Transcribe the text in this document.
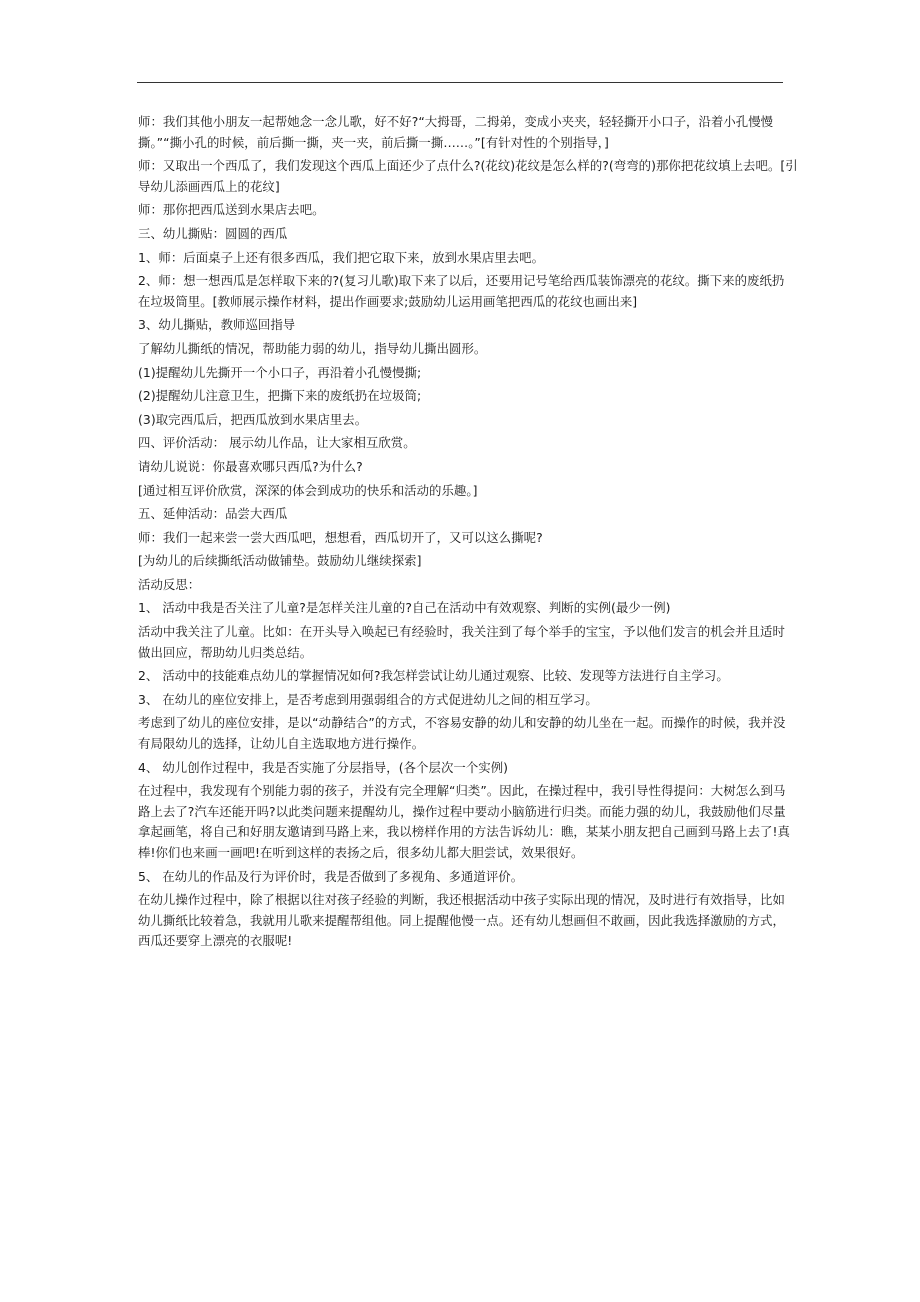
师：我们其他小朋友一起帮她念一念儿歌，好不好?“大拇哥，二拇弟，变成小夹夹，轻轻撕开小口子，沿着小孔慢慢
撕。”“撕小孔的时候，前后撕一撕，夹一夹，前后撕一撕……。”[有针对性的个别指导，]
师：又取出一个西瓜了，我们发现这个西瓜上面还少了点什么?(花纹)花纹是怎么样的?(弯弯的)那你把花纹填上去吧。[引
导幼儿添画西瓜上的花纹]
师：那你把西瓜送到水果店去吧。
三、幼儿撕贴：圆圆的西瓜
1、师：后面桌子上还有很多西瓜，我们把它取下来，放到水果店里去吧。
2、师：想一想西瓜是怎样取下来的?(复习儿歌)取下来了以后，还要用记号笔给西瓜装饰漂亮的花纹。撕下来的废纸扔
在垃圾筒里。[教师展示操作材料，提出作画要求;鼓励幼儿运用画笔把西瓜的花纹也画出来]
3、幼儿撕贴，教师巡回指导
了解幼儿撕纸的情况，帮助能力弱的幼儿，指导幼儿撕出圆形。
(1)提醒幼儿先撕开一个小口子，再沿着小孔慢慢撕;
(2)提醒幼儿注意卫生，把撕下来的废纸扔在垃圾筒;
(3)取完西瓜后，把西瓜放到水果店里去。
四、评价活动： 展示幼儿作品，让大家相互欣赏。
请幼儿说说：你最喜欢哪只西瓜?为什么?
[通过相互评价欣赏，深深的体会到成功的快乐和活动的乐趣。]
五、延伸活动：品尝大西瓜
师：我们一起来尝一尝大西瓜吧，想想看，西瓜切开了，又可以这么撕呢?
[为幼儿的后续撕纸活动做铺垫。鼓励幼儿继续探索]
活动反思：
1、 活动中我是否关注了儿童?是怎样关注儿童的?自己在活动中有效观察、判断的实例(最少一例)
活动中我关注了儿童。比如：在开头导入唤起已有经验时，我关注到了每个举手的宝宝，予以他们发言的机会并且适时
做出回应，帮助幼儿归类总结。
2、 活动中的技能难点幼儿的掌握情况如何?我怎样尝试让幼儿通过观察、比较、发现等方法进行自主学习。
3、 在幼儿的座位安排上，是否考虑到用强弱组合的方式促进幼儿之间的相互学习。
考虑到了幼儿的座位安排，是以“动静结合”的方式，不容易安静的幼儿和安静的幼儿坐在一起。而操作的时候，我并没
有局限幼儿的选择，让幼儿自主选取地方进行操作。
4、 幼儿创作过程中，我是否实施了分层指导，(各个层次一个实例)
在过程中，我发现有个别能力弱的孩子，并没有完全理解“归类”。因此，在操过程中，我引导性得提问：大树怎么到马
路上去了?汽车还能开吗?以此类问题来提醒幼儿，操作过程中要动小脑筋进行归类。而能力强的幼儿，我鼓励他们尽量
拿起画笔，将自己和好朋友邀请到马路上来，我以榜样作用的方法告诉幼儿：瞧，某某小朋友把自己画到马路上去了!真
棒!你们也来画一画吧!在听到这样的表扬之后，很多幼儿都大胆尝试，效果很好。
5、 在幼儿的作品及行为评价时，我是否做到了多视角、多通道评价。
在幼儿操作过程中，除了根据以往对孩子经验的判断，我还根据活动中孩子实际出现的情况，及时进行有效指导，比如
幼儿撕纸比较着急，我就用儿歌来提醒帮组他。同上提醒他慢一点。还有幼儿想画但不敢画，因此我选择激励的方式，
西瓜还要穿上漂亮的衣服呢!
